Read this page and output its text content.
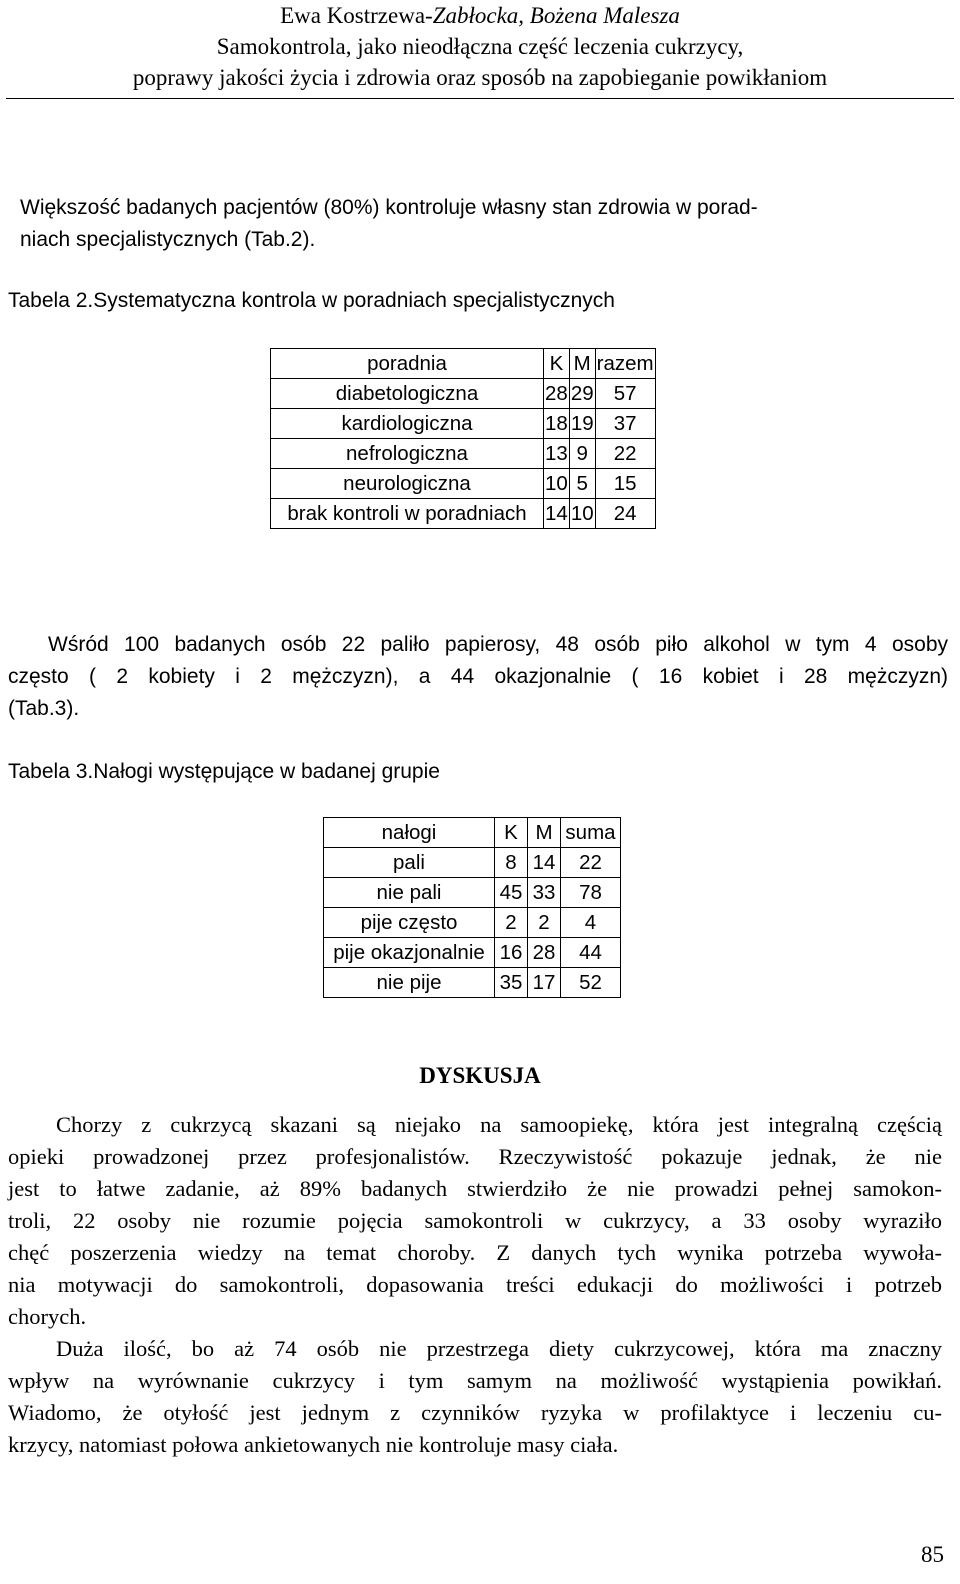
Ewa Kostrzewa-Zabłocka, Bożena Malesza
Samokontrola, jako nieodłączna część leczenia cukrzycy,
poprawy jakości życia i zdrowia oraz sposób na zapobieganie powikłaniom
Większość badanych pacjentów (80%) kontroluje własny stan zdrowia w porad-
niach specjalistycznych (Tab.2).
Tabela 2.Systematyczna kontrola w poradniach specjalistycznych
poradnia	K	M	razem
diabetologiczna	28	29	57
kardiologiczna	18	19	37
nefrologiczna	13	9	22
neurologiczna	10	5	15
brak kontroli w poradniach	14	10	24
Wśród 100 badanych osób 22 paliło papierosy, 48 osób piło alkohol w tym 4 osoby
często ( 2 kobiety i 2 mężczyzn), a 44 okazjonalnie ( 16 kobiet i 28 mężczyzn)
(Tab.3).
Tabela 3.Nałogi występujące w badanej grupie
nałogi	K	M	suma
pali	8	14	22
nie pali	45	33	78
pije często	2	2	4
pije okazjonalnie	16	28	44
nie pije	35	17	52
DYSKUSJA
Chorzy z cukrzycą skazani są niejako na samoopiekę, która jest integralną częścią
opieki prowadzonej przez profesjonalistów. Rzeczywistość pokazuje jednak, że nie
jest to łatwe zadanie, aż 89% badanych stwierdziło że nie prowadzi pełnej samokon-
troli, 22 osoby nie rozumie pojęcia samokontroli w cukrzycy, a 33 osoby wyraziło
chęć poszerzenia wiedzy na temat choroby. Z danych tych wynika potrzeba wywoła-
nia motywacji do samokontroli, dopasowania treści edukacji do możliwości i potrzeb
chorych.
Duża ilość, bo aż 74 osób nie przestrzega diety cukrzycowej, która ma znaczny
wpływ na wyrównanie cukrzycy i tym samym na możliwość wystąpienia powikłań.
Wiadomo, że otyłość jest jednym z czynników ryzyka w profilaktyce i leczeniu cu-
krzycy, natomiast połowa ankietowanych nie kontroluje masy ciała.
85
